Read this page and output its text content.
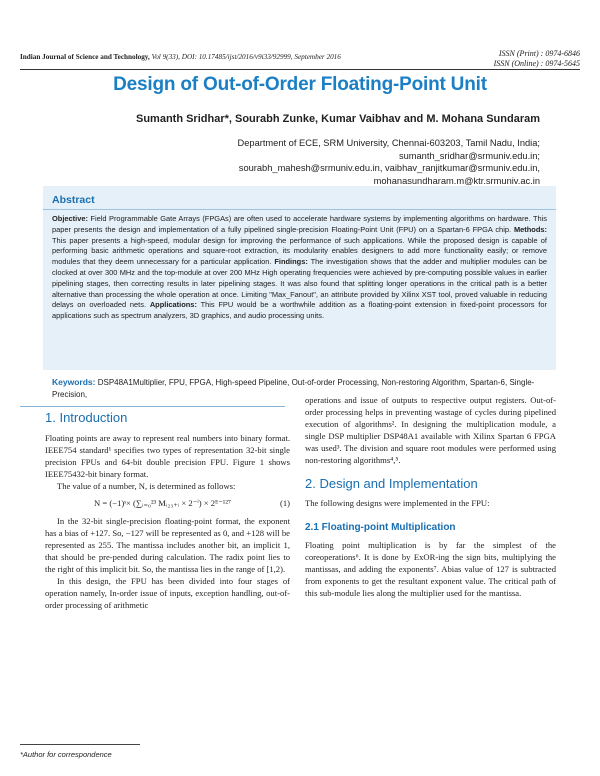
Indian Journal of Science and Technology, Vol 9(33), DOI: 10.17485/ijst/2016/v9i33/92999, September 2016	ISSN (Print) : 0974-6846
ISSN (Online) : 0974-5645
Design of Out-of-Order Floating-Point Unit
Sumanth Sridhar*, Sourabh Zunke, Kumar Vaibhav and M. Mohana Sundaram
Department of ECE, SRM University, Chennai-603203, Tamil Nadu, India; sumanth_sridhar@srmuniv.edu.in;
sourabh_mahesh@srmuniv.edu.in, vaibhav_ranjitkumar@srmuniv.edu.in, mohanasundharam.m@ktr.srmuniv.ac.in
Abstract
Objective: Field Programmable Gate Arrays (FPGAs) are often used to accelerate hardware systems by implementing algorithms on hardware. This paper presents the design and implementation of a fully pipelined single-precision Floating-Point Unit (FPU) on a Spartan-6 FPGA chip. Methods: This paper presents a high-speed, modular design for improving the performance of such applications. While the proposed design is capable of performing basic arithmetic operations and square-root extraction, its modularity enables designers to add more functionality easily; or remove modules that they deem unnecessary for a particular application. Findings: The investigation shows that the adder and multiplier modules can be clocked at over 300 MHz and the top-module at over 200 MHz High operating frequencies were achieved by pre-computing possible values in earlier pipelining stages, then correcting results in later pipelining stages. It was also found that splitting longer operations in the critical path is a better alternative than processing the whole operation at once. Limiting "Max_Fanout", an attribute provided by Xilinx XST tool, proved valuable in reducing delays on overloaded nets. Applications: This FPU would be a worthwhile addition as a floating-point extension in fixed-point processors for applications such as spectrum analyzers, 3D graphics, and audio processing units.
Keywords: DSP48A1Multiplier, FPU, FPGA, High-speed Pipeline, Out-of-order Processing, Non-restoring Algorithm, Spartan-6, Single-Precision,
1. Introduction

Floating points are away to represent real numbers into binary format. IEEE754 standard¹ specifies two types of representation 32-bit single precision FPUs and 64-bit double precision FPU. Figure 1 shows IEEE75432-bit binary format.

The value of a number, N, is determined as follows:

N = (−1)ˢ× (∑ᵢ₌₀²³ Mᵢ₂₃₊ᵢ × 2⁻ⁱ) × 2ᴱ⁻¹²⁷	(1)

In the 32-bit single-precision floating-point format, the exponent has a bias of +127. So, −127 will be represented as 0, and +128 will be represented as 255. The mantissa includes another bit, an implicit 1, that should be pre-pended during calculation. The radix point lies to the right of this implicit bit. So, the mantissa lies in the range of [1,2).

In this design, the FPU has been divided into four stages of operation namely, In-order issue of inputs, exception handling, out-of-order processing of arithmetic

operations and issue of outputs to respective output registers. Out-of-order processing helps in preventing wastage of cycles during pipelined execution of algorithms². In designing the multiplication module, a single DSP multiplier DSP48A1 available with Xilinx Spartan 6 FPGA was used³. The division and square root modules were performed using non-restoring algorithms⁴,⁵.

2. Design and Implementation

The following designs were implemented in the FPU:

2.1 Floating-point Multiplication

Floating point multiplication is by far the simplest of the coreoperations⁶. It is done by ExOR-ing the sign bits, multiplying the mantissas, and adding the exponents⁷. Abias value of 127 is subtracted from exponents to get the resultant exponent value. The critical path of this sub-module lies along the multiplier used for the mantissa.

*Author for correspondence
